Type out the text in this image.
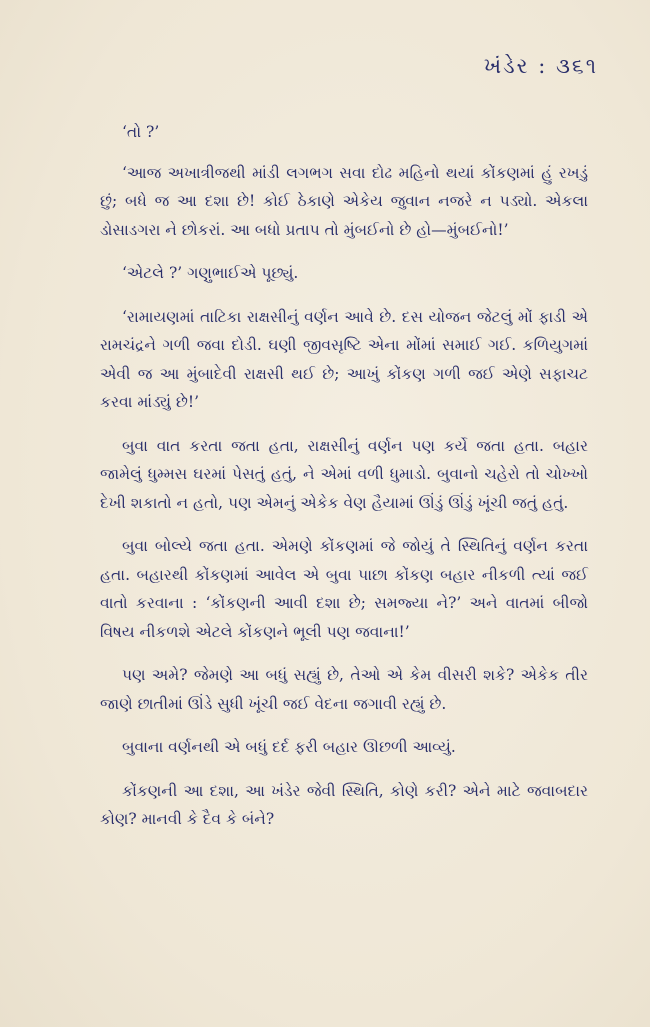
ખંડેર : ૩૬૧

‘તો ?’

‘આજ અખાત્રીજથી માંડી લગભગ સવા દોઢ મહિનો થયાં કોંકણમાં હું રખડું છું; બધે જ આ દશા છે! કોઈ ઠેકાણે એકેય જુવાન નજરે ન પડ્યો. એકલા ડોસાડગરા ને છોકરાં. આ બધો પ્રતાપ તો મુંબઈનો છે હો—મુંબઈનો!’

‘એટલે ?’ ગણુભાઈએ પૂછ્યું.

‘રામાયણમાં તાટિકા રાક્ષસીનું વર્ણન આવે છે. દસ યોજન જેટલું મોં ફાડી એ રામચંદ્રને ગળી જવા દોડી. ઘણી જીવસૃષ્ટિ એના મોંમાં સમાઈ ગઈ. કળિયુગમાં એવી જ આ મુંબાદેવી રાક્ષસી થઈ છે; આખું કોંકણ ગળી જઈ એણે સફાચટ કરવા માંડ્યું છે!’

બુવા વાત કરતા જતા હતા, રાક્ષસીનું વર્ણન પણ કર્યે જતા હતા. બહાર જામેલું ધુમ્મસ ઘરમાં પેસતું હતું, ને એમાં વળી ધુમાડો. બુવાનો ચહેરો તો ચોખ્ખો દેખી શકાતો ન હતો, પણ એમનું એકેક વેણ હૈયામાં ઊંડું ઊંડું ખૂંચી જતું હતું.

બુવા બોલ્યે જતા હતા. એમણે કોંકણમાં જે જોયું તે સ્થિતિનું વર્ણન કરતા હતા. બહારથી કોંકણમાં આવેલ એ બુવા પાછા કોંકણ બહાર નીકળી ત્યાં જઈ વાતો કરવાના : ‘કોંકણની આવી દશા છે; સમજ્યા ને?’ અને વાતમાં બીજો વિષય નીકળશે એટલે કોંકણને ભૂલી પણ જવાના!’

પણ અમે? જેમણે આ બધું સહ્યું છે, તેઓ એ કેમ વીસરી શકે? એકેક તીર જાણે છાતીમાં ઊંડે સુધી ખૂંચી જઈ વેદના જગાવી રહ્યું છે.

બુવાના વર્ણનથી એ બધું દર્દ ફરી બહાર ઊછળી આવ્યું.

કોંકણની આ દશા, આ ખંડેર જેવી સ્થિતિ, કોણે કરી? એને માટે જવાબદાર કોણ? માનવી કે દૈવ કે બંને?
